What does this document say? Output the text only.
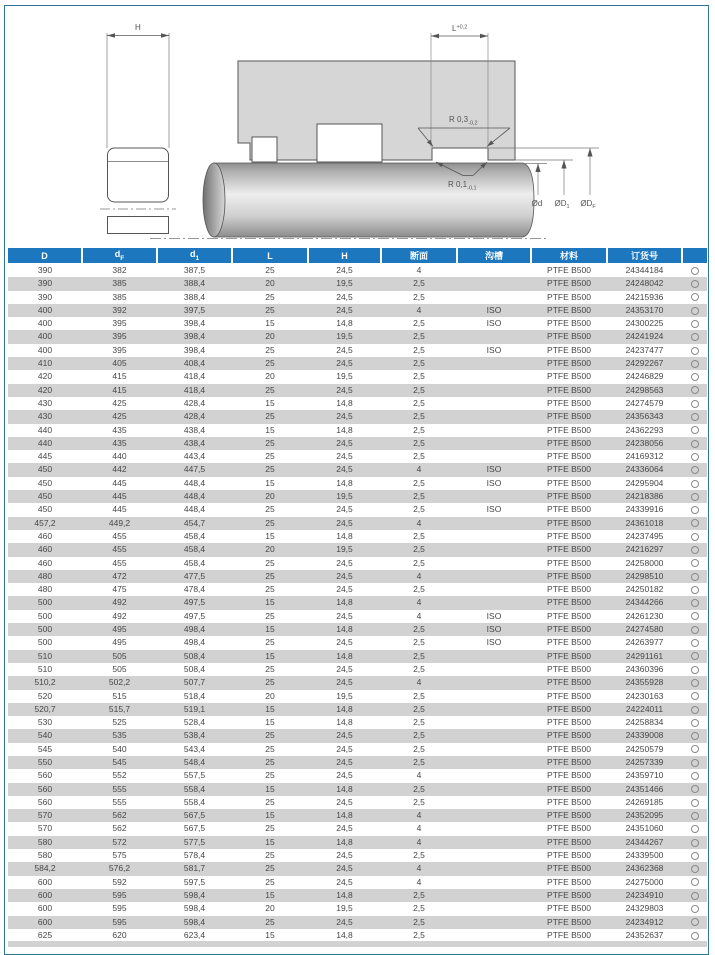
H	L+0,2
R 0,3-0,2
R 0,1-0,1
Ød ØD1 ØDF
D	$d_F$	$d_1$	L	H	断面	沟槽	材料	订货号	
390	382	387,5	25	24,5	4		PTFE B500	24344184	
390	385	388,4	20	19,5	2,5		PTFE B500	24248042	
390	385	388,4	25	24,5	2,5		PTFE B500	24215936	
400	392	397,5	25	24,5	4	ISO	PTFE B500	24353170	
400	395	398,4	15	14,8	2,5	ISO	PTFE B500	24300225	
400	395	398,4	20	19,5	2,5		PTFE B500	24241924	
400	395	398,4	25	24,5	2,5	ISO	PTFE B500	24237477	
410	405	408,4	25	24,5	2,5		PTFE B500	24292267	
420	415	418,4	20	19,5	2,5		PTFE B500	24246829	
420	415	418,4	25	24,5	2,5		PTFE B500	24298563	
430	425	428,4	15	14,8	2,5		PTFE B500	24274579	
430	425	428,4	25	24,5	2,5		PTFE B500	24356343	
440	435	438,4	15	14,8	2,5		PTFE B500	24362293	
440	435	438,4	25	24,5	2,5		PTFE B500	24238056	
445	440	443,4	25	24,5	2,5		PTFE B500	24169312	
450	442	447,5	25	24,5	4	ISO	PTFE B500	24336064	
450	445	448,4	15	14,8	2,5	ISO	PTFE B500	24295904	
450	445	448,4	20	19,5	2,5		PTFE B500	24218386	
450	445	448,4	25	24,5	2,5	ISO	PTFE B500	24339916	
457,2	449,2	454,7	25	24,5	4		PTFE B500	24361018	
460	455	458,4	15	14,8	2,5		PTFE B500	24237495	
460	455	458,4	20	19,5	2,5		PTFE B500	24216297	
460	455	458,4	25	24,5	2,5		PTFE B500	24258000	
480	472	477,5	25	24,5	4		PTFE B500	24298510	
480	475	478,4	25	24,5	2,5		PTFE B500	24250182	
500	492	497,5	15	14,8	4		PTFE B500	24344266	
500	492	497,5	25	24,5	4	ISO	PTFE B500	24261230	
500	495	498,4	15	14,8	2,5	ISO	PTFE B500	24274580	
500	495	498,4	25	24,5	2,5	ISO	PTFE B500	24263977	
510	505	508,4	15	14,8	2,5		PTFE B500	24291161	
510	505	508,4	25	24,5	2,5		PTFE B500	24360396	
510,2	502,2	507,7	25	24,5	4		PTFE B500	24355928	
520	515	518,4	20	19,5	2,5		PTFE B500	24230163	
520,7	515,7	519,1	15	14,8	2,5		PTFE B500	24224011	
530	525	528,4	15	14,8	2,5		PTFE B500	24258834	
540	535	538,4	25	24,5	2,5		PTFE B500	24339008	
545	540	543,4	25	24,5	2,5		PTFE B500	24250579	
550	545	548,4	25	24,5	2,5		PTFE B500	24257339	
560	552	557,5	25	24,5	4		PTFE B500	24359710	
560	555	558,4	15	14,8	2,5		PTFE B500	24351466	
560	555	558,4	25	24,5	2,5		PTFE B500	24269185	
570	562	567,5	15	14,8	4		PTFE B500	24352095	
570	562	567,5	25	24,5	4		PTFE B500	24351060	
580	572	577,5	15	14,8	4		PTFE B500	24344267	
580	575	578,4	25	24,5	2,5		PTFE B500	24339500	
584,2	576,2	581,7	25	24,5	4		PTFE B500	24362368	
600	592	597,5	25	24,5	4		PTFE B500	24275000	
600	595	598,4	15	14,8	2,5		PTFE B500	24234910	
600	595	598,4	20	19,5	2,5		PTFE B500	24329803	
600	595	598,4	25	24,5	2,5		PTFE B500	24234912	
625	620	623,4	15	14,8	2,5		PTFE B500	24352637	
